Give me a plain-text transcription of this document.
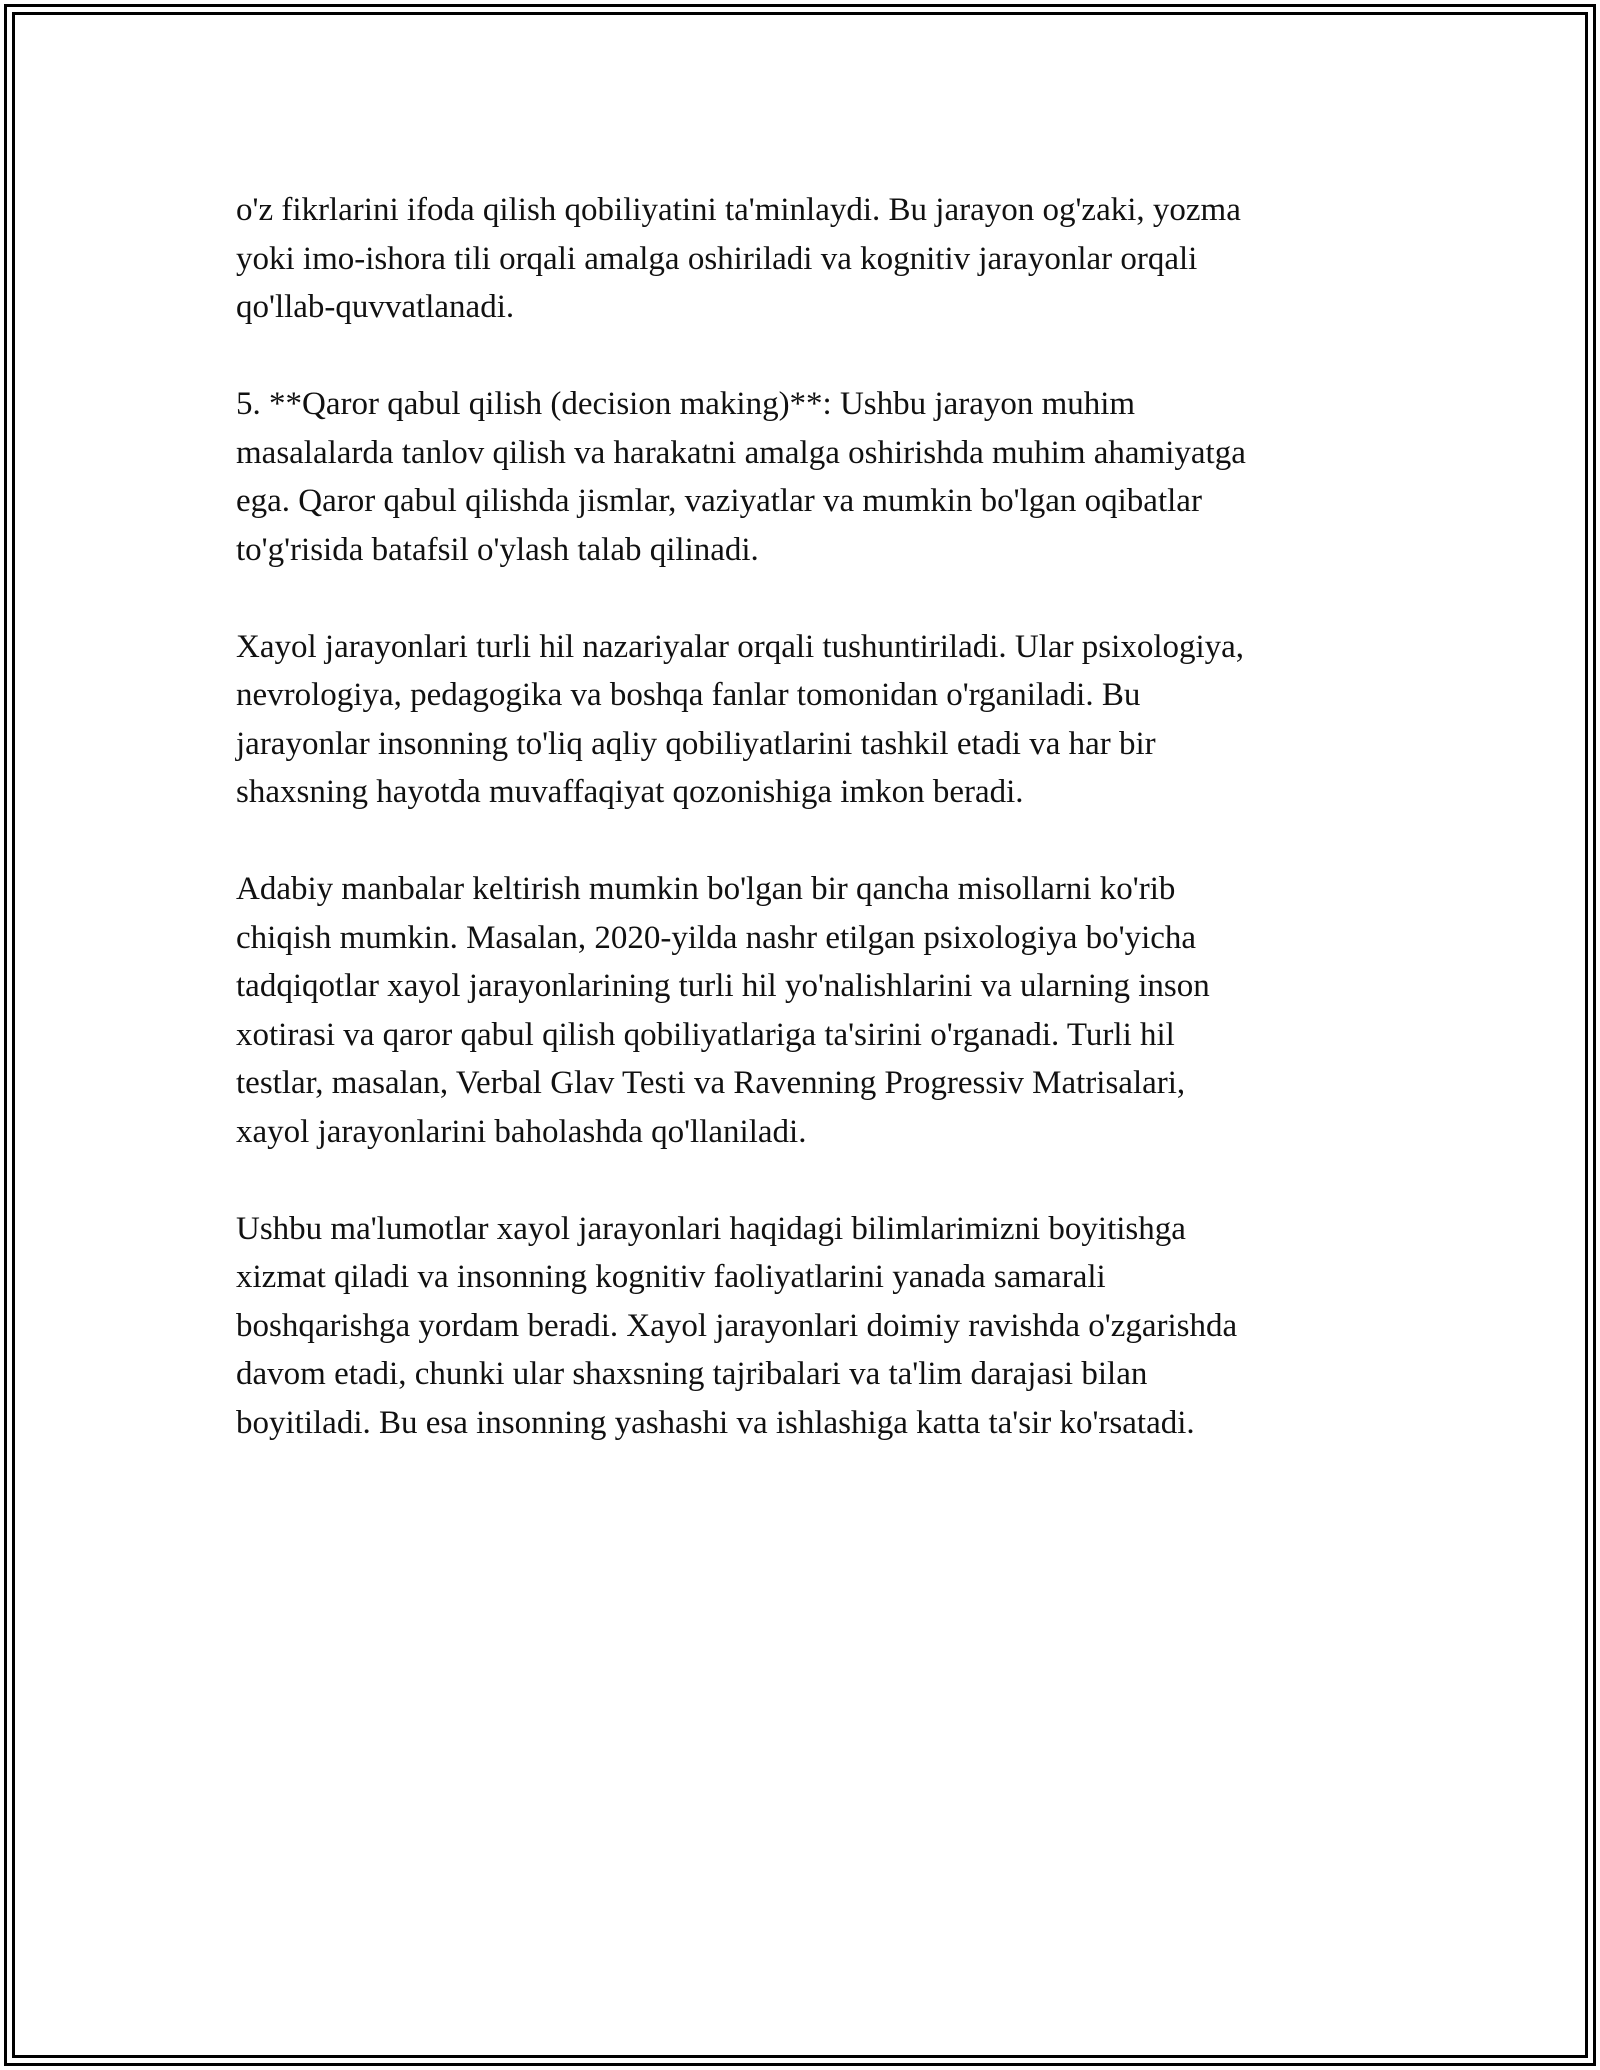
o'z fikrlarini ifoda qilish qobiliyatini ta'minlaydi. Bu jarayon og'zaki, yozma
yoki imo-ishora tili orqali amalga oshiriladi va kognitiv jarayonlar orqali
qo'llab-quvvatlanadi.

5. **Qaror qabul qilish (decision making)**: Ushbu jarayon muhim
masalalarda tanlov qilish va harakatni amalga oshirishda muhim ahamiyatga
ega. Qaror qabul qilishda jismlar, vaziyatlar va mumkin bo'lgan oqibatlar
to'g'risida batafsil o'ylash talab qilinadi.

Xayol jarayonlari turli hil nazariyalar orqali tushuntiriladi. Ular psixologiya,
nevrologiya, pedagogika va boshqa fanlar tomonidan o'rganiladi. Bu
jarayonlar insonning to'liq aqliy qobiliyatlarini tashkil etadi va har bir
shaxsning hayotda muvaffaqiyat qozonishiga imkon beradi.

Adabiy manbalar keltirish mumkin bo'lgan bir qancha misollarni ko'rib
chiqish mumkin. Masalan, 2020-yilda nashr etilgan psixologiya bo'yicha
tadqiqotlar xayol jarayonlarining turli hil yo'nalishlarini va ularning inson
xotirasi va qaror qabul qilish qobiliyatlariga ta'sirini o'rganadi. Turli hil
testlar, masalan, Verbal Glav Testi va Ravenning Progressiv Matrisalari,
xayol jarayonlarini baholashda qo'llaniladi.

Ushbu ma'lumotlar xayol jarayonlari haqidagi bilimlarimizni boyitishga
xizmat qiladi va insonning kognitiv faoliyatlarini yanada samarali
boshqarishga yordam beradi. Xayol jarayonlari doimiy ravishda o'zgarishda
davom etadi, chunki ular shaxsning tajribalari va ta'lim darajasi bilan
boyitiladi. Bu esa insonning yashashi va ishlashiga katta ta'sir ko'rsatadi.
